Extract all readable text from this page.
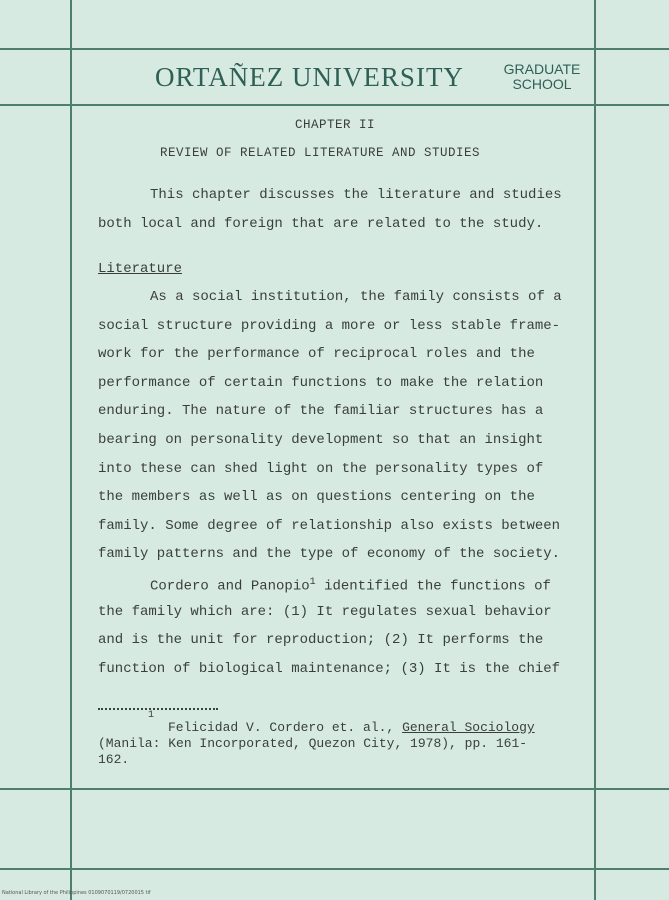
ORTAÑEZ UNIVERSITY	GRADUATE
SCHOOL
CHAPTER II
REVIEW OF RELATED LITERATURE AND STUDIES
This chapter discusses the literature and studies
both local and foreign that are related to the study.
Literature
As a social institution, the family consists of a
social structure providing a more or less stable frame-
work for the performance of reciprocal roles and the
performance of certain functions to make the relation
enduring. The nature of the familiar structures has a
bearing on personality development so that an insight
into these can shed light on the personality types of
the members as well as on questions centering on the
family. Some degree of relationship also exists between
family patterns and the type of economy of the society.
Cordero and Panopio$^1$ identified the functions of
the family which are: (1) It regulates sexual behavior
and is the unit for reproduction; (2) It performs the
function of biological maintenance; (3) It is the chief
1
Felicidad V. Cordero et. al., General Sociology
(Manila: Ken Incorporated, Quezon City, 1978), pp. 161-
162.
National Library of the Philippines 0109070119/0720015 tif
